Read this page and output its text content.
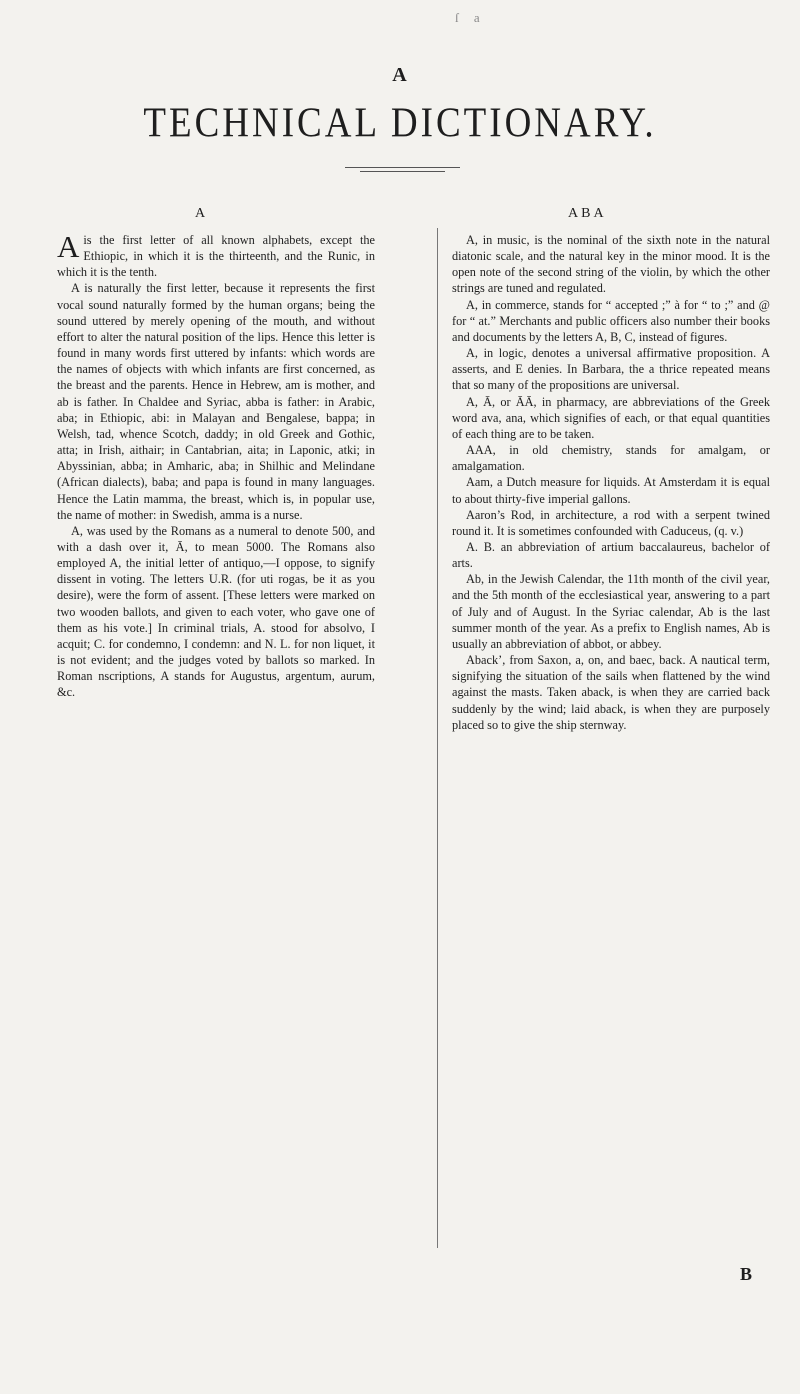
ſ a
A
TECHNICAL DICTIONARY.
A	ABA

A is the first letter of all known alphabets, except the Ethiopic, in which it is the thirteenth, and the Runic, in which it is the tenth.

A is naturally the first letter, because it represents the first vocal sound naturally formed by the human organs; being the sound uttered by merely opening of the mouth, and without effort to alter the natural position of the lips. Hence this letter is found in many words first uttered by infants: which words are the names of objects with which infants are first concerned, as the breast and the parents. Hence in Hebrew, am is mother, and ab is father. In Chaldee and Syriac, abba is father: in Arabic, aba; in Ethiopic, abi: in Malayan and Bengalese, bappa; in Welsh, tad, whence Scotch, daddy; in old Greek and Gothic, atta; in Irish, aithair; in Cantabrian, aita; in Laponic, atki; in Abyssinian, abba; in Amharic, aba; in Shilhic and Melindane (African dialects), baba; and papa is found in many languages. Hence the Latin mamma, the breast, which is, in popular use, the name of mother: in Swedish, amma is a nurse.

A, was used by the Romans as a numeral to denote 500, and with a dash over it, Ā, to mean 5000. The Romans also employed A, the initial letter of antiquo,—I oppose, to signify dissent in voting. The letters U.R. (for uti rogas, be it as you desire), were the form of assent. [These letters were marked on two wooden ballots, and given to each voter, who gave one of them as his vote.] In criminal trials, A. stood for absolvo, I acquit; C. for condemno, I condemn: and N. L. for non liquet, it is not evident; and the judges voted by ballots so marked. In Roman nscriptions, A stands for Augustus, argentum, aurum, &c.

A, in music, is the nominal of the sixth note in the natural diatonic scale, and the natural key in the minor mood. It is the open note of the second string of the violin, by which the other strings are tuned and regulated.

A, in commerce, stands for “ accepted ;” à for “ to ;” and @ for “ at.” Merchants and public officers also number their books and documents by the letters A, B, C, instead of figures.

A, in logic, denotes a universal affirmative proposition. A asserts, and E denies. In Barbara, the a thrice repeated means that so many of the propositions are universal.

A, Ā, or ĀĀ, in pharmacy, are abbreviations of the Greek word ava, ana, which signifies of each, or that equal quantities of each thing are to be taken.

AAA, in old chemistry, stands for amalgam, or amalgamation.

Aam, a Dutch measure for liquids. At Amsterdam it is equal to about thirty-five imperial gallons.

Aaron’s Rod, in architecture, a rod with a serpent twined round it. It is sometimes confounded with Caduceus, (q. v.)

A. B. an abbreviation of artium baccalaureus, bachelor of arts.

Ab, in the Jewish Calendar, the 11th month of the civil year, and the 5th month of the ecclesiastical year, answering to a part of July and of August. In the Syriac calendar, Ab is the last summer month of the year. As a prefix to English names, Ab is usually an abbreviation of abbot, or abbey.

Aback’, from Saxon, a, on, and baec, back. A nautical term, signifying the situation of the sails when flattened by the wind against the masts. Taken aback, is when they are carried back suddenly by the wind; laid aback, is when they are purposely placed so to give the ship sternway.

B
